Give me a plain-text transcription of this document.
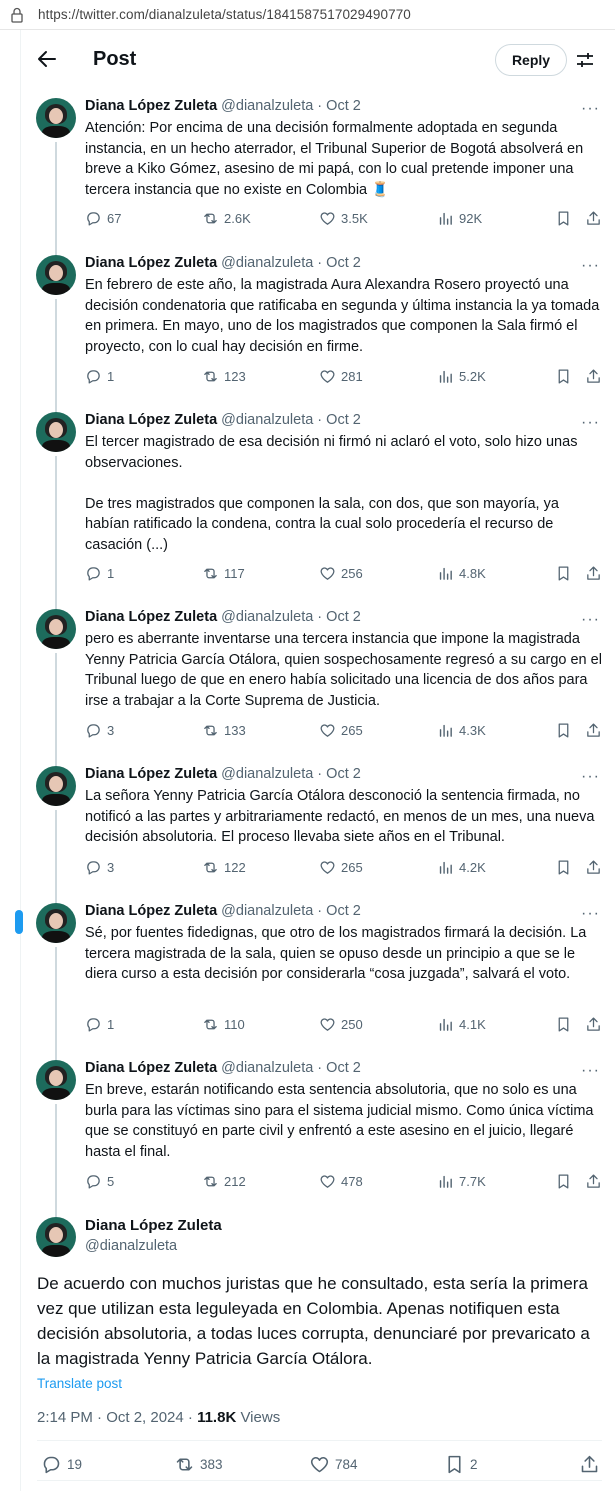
https://twitter.com/dianalzuleta/status/1841587517029490770
Post	Reply
Diana López Zuleta @dianalzuleta · Oct 2	···
Atención: Por encima de una decisión formalmente adoptada en segunda instancia, en un hecho aterrador, el Tribunal Superior de Bogotá absolverá en breve a Kiko Gómez, asesino de mi papá, con lo cual pretende imponer una tercera instancia que no existe en Colombia 🧵
67	2.6K	3.5K	92K
Diana López Zuleta @dianalzuleta · Oct 2	···
En febrero de este año, la magistrada Aura Alexandra Rosero proyectó una decisión condenatoria que ratificaba en segunda y última instancia la ya tomada en primera. En mayo, uno de los magistrados que componen la Sala firmó el proyecto, con lo cual hay decisión en firme.
1	123	281	5.2K
Diana López Zuleta @dianalzuleta · Oct 2	···
El tercer magistrado de esa decisión ni firmó ni aclaró el voto, solo hizo unas observaciones.

De tres magistrados que componen la sala, con dos, que son mayoría, ya habían ratificado la condena, contra la cual solo procedería el recurso de casación (...)
1	117	256	4.8K
Diana López Zuleta @dianalzuleta · Oct 2	···
pero es aberrante inventarse una tercera instancia que impone la magistrada Yenny Patricia García Otálora, quien sospechosamente regresó a su cargo en el Tribunal luego de que en enero había solicitado una licencia de dos años para irse a trabajar a la Corte Suprema de Justicia.
3	133	265	4.3K
Diana López Zuleta @dianalzuleta · Oct 2	···
La señora Yenny Patricia García Otálora desconoció la sentencia firmada, no notificó a las partes y arbitrariamente redactó, en menos de un mes, una nueva decisión absolutoria. El proceso llevaba siete años en el Tribunal.
3	122	265	4.2K
Diana López Zuleta @dianalzuleta · Oct 2	···
Sé, por fuentes fidedignas, que otro de los magistrados firmará la decisión. La tercera magistrada de la sala, quien se opuso desde un principio a que se le diera curso a esta decisión por considerarla “cosa juzgada”, salvará el voto.
1	110	250	4.1K
Diana López Zuleta @dianalzuleta · Oct 2	···
En breve, estarán notificando esta sentencia absolutoria, que no solo es una burla para las víctimas sino para el sistema judicial mismo. Como única víctima que se constituyó en parte civil y enfrentó a este asesino en el juicio, llegaré hasta el final.
5	212	478	7.7K
Diana López Zuleta
@dianalzuleta
De acuerdo con muchos juristas que he consultado, esta sería la primera vez que utilizan esta leguleyada en Colombia. Apenas notifiquen esta decisión absolutoria, a todas luces corrupta, denunciaré por prevaricato a la magistrada Yenny Patricia García Otálora.
Translate post
2:14 PM · Oct 2, 2024 · 11.8K Views
19	383	784	2
